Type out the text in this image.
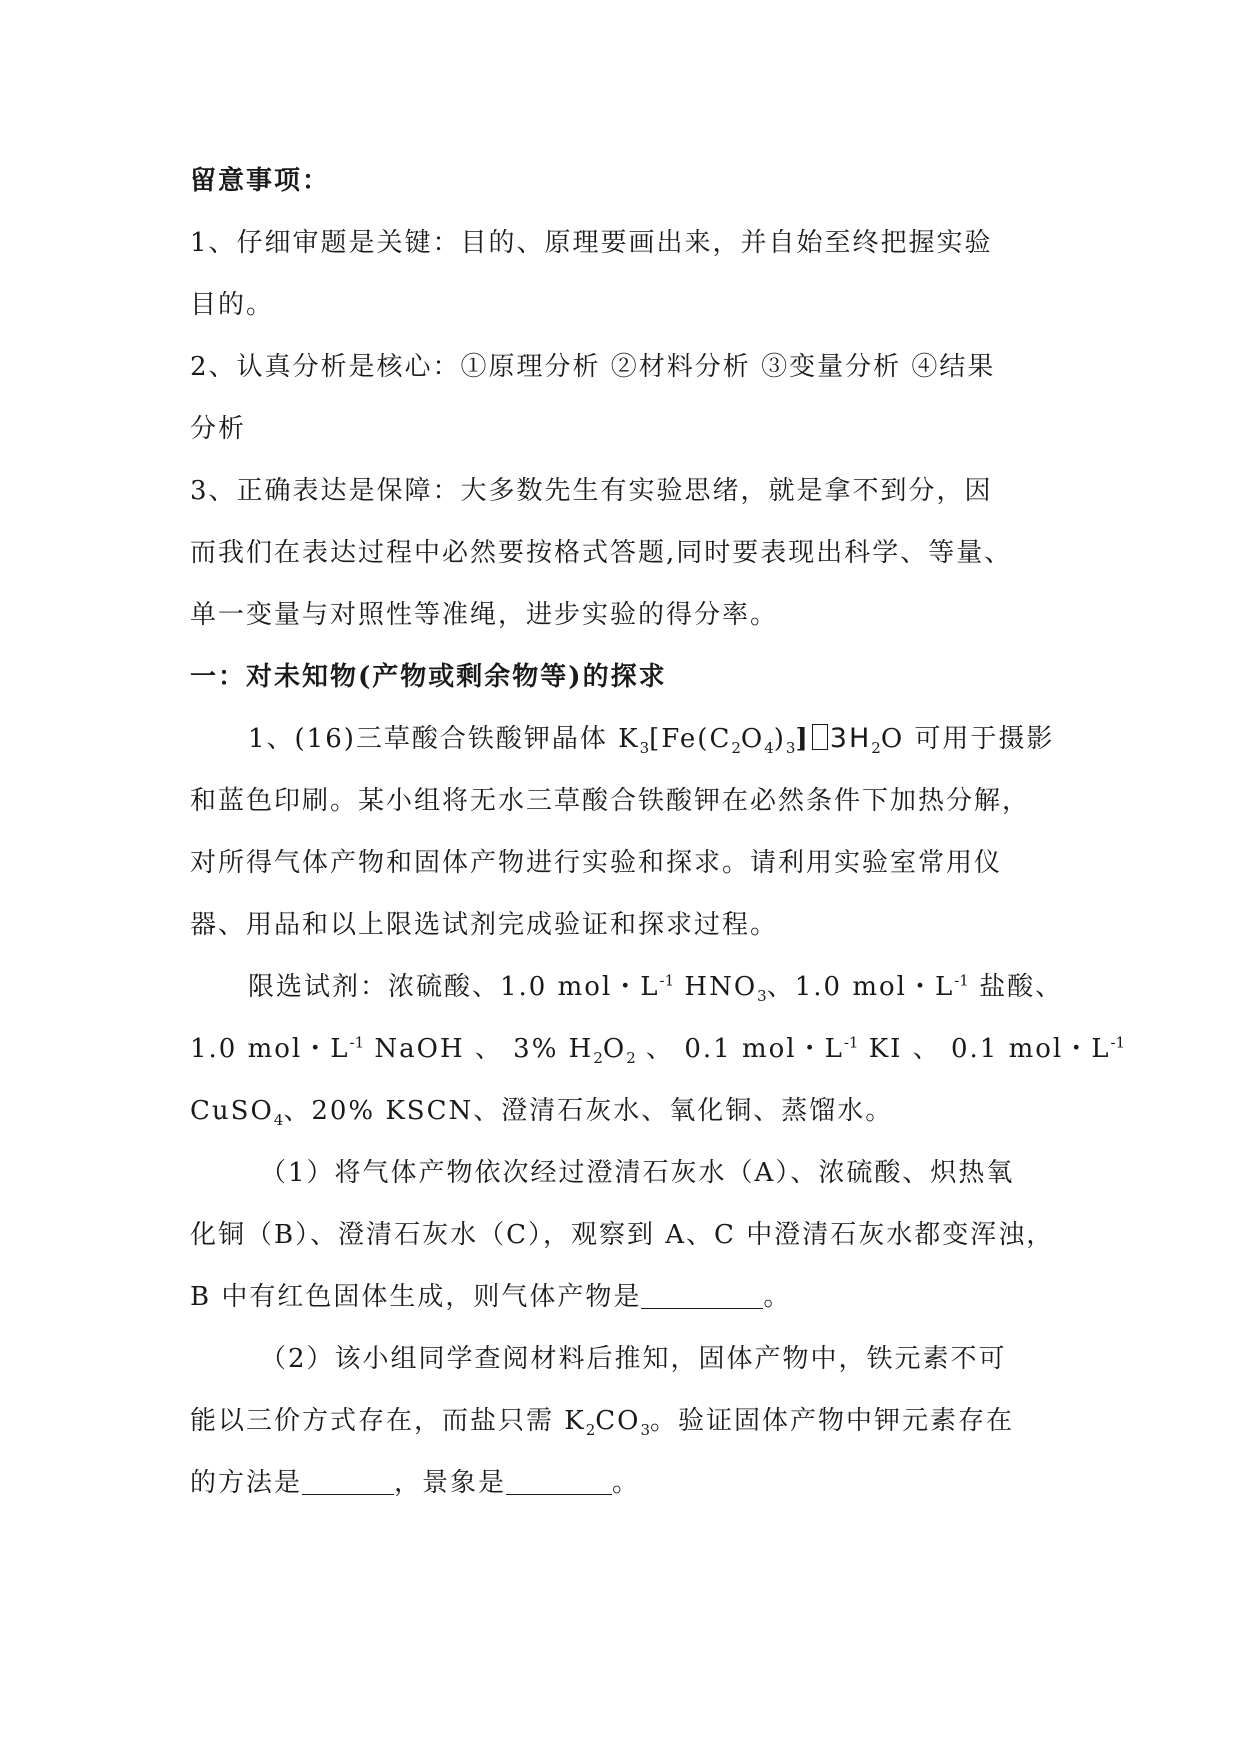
留意事项：
1、仔细审题是关键：目的、原理要画出来，并自始至终把握实验
目的。
2、认真分析是核心：①原理分析 ②材料分析 ③变量分析 ④结果
分析
3、正确表达是保障：大多数先生有实验思绪，就是拿不到分，因
而我们在表达过程中必然要按格式答题,同时要表现出科学、等量、
单一变量与对照性等准绳，进步实验的得分率。
一：对未知物(产物或剩余物等)的探求
1、(16)三草酸合铁酸钾晶体 $K_3[Fe(C_2O_4)_3]$ $3H_2O$ 可用于摄影
和蓝色印刷。某小组将无水三草酸合铁酸钾在必然条件下加热分解，
对所得气体产物和固体产物进行实验和探求。请利用实验室常用仪
器、用品和以上限选试剂完成验证和探求过程。
限选试剂：浓硫酸、1.0 mol・$L^{-1}$ $HNO_3$、1.0 mol・$L^{-1}$ 盐酸、
1.0 mol・$L^{-1}$ NaOH 、 3% $H_2O_2$ 、 0.1 mol・$L^{-1}$ KI 、 0.1 mol・$L^{-1}$
CuSO$_4$、20% KSCN、澄清石灰水、氧化铜、蒸馏水。
（1）将气体产物依次经过澄清石灰水（A）、浓硫酸、炽热氧
化铜（B）、澄清石灰水（C），观察到 A、C 中澄清石灰水都变浑浊，
B 中有红色固体生成，则气体产物是	。
（2）该小组同学查阅材料后推知，固体产物中，铁元素不可
能以三价方式存在，而盐只需 $K_2CO_3$。验证固体产物中钾元素存在
的方法是	，景象是	。
